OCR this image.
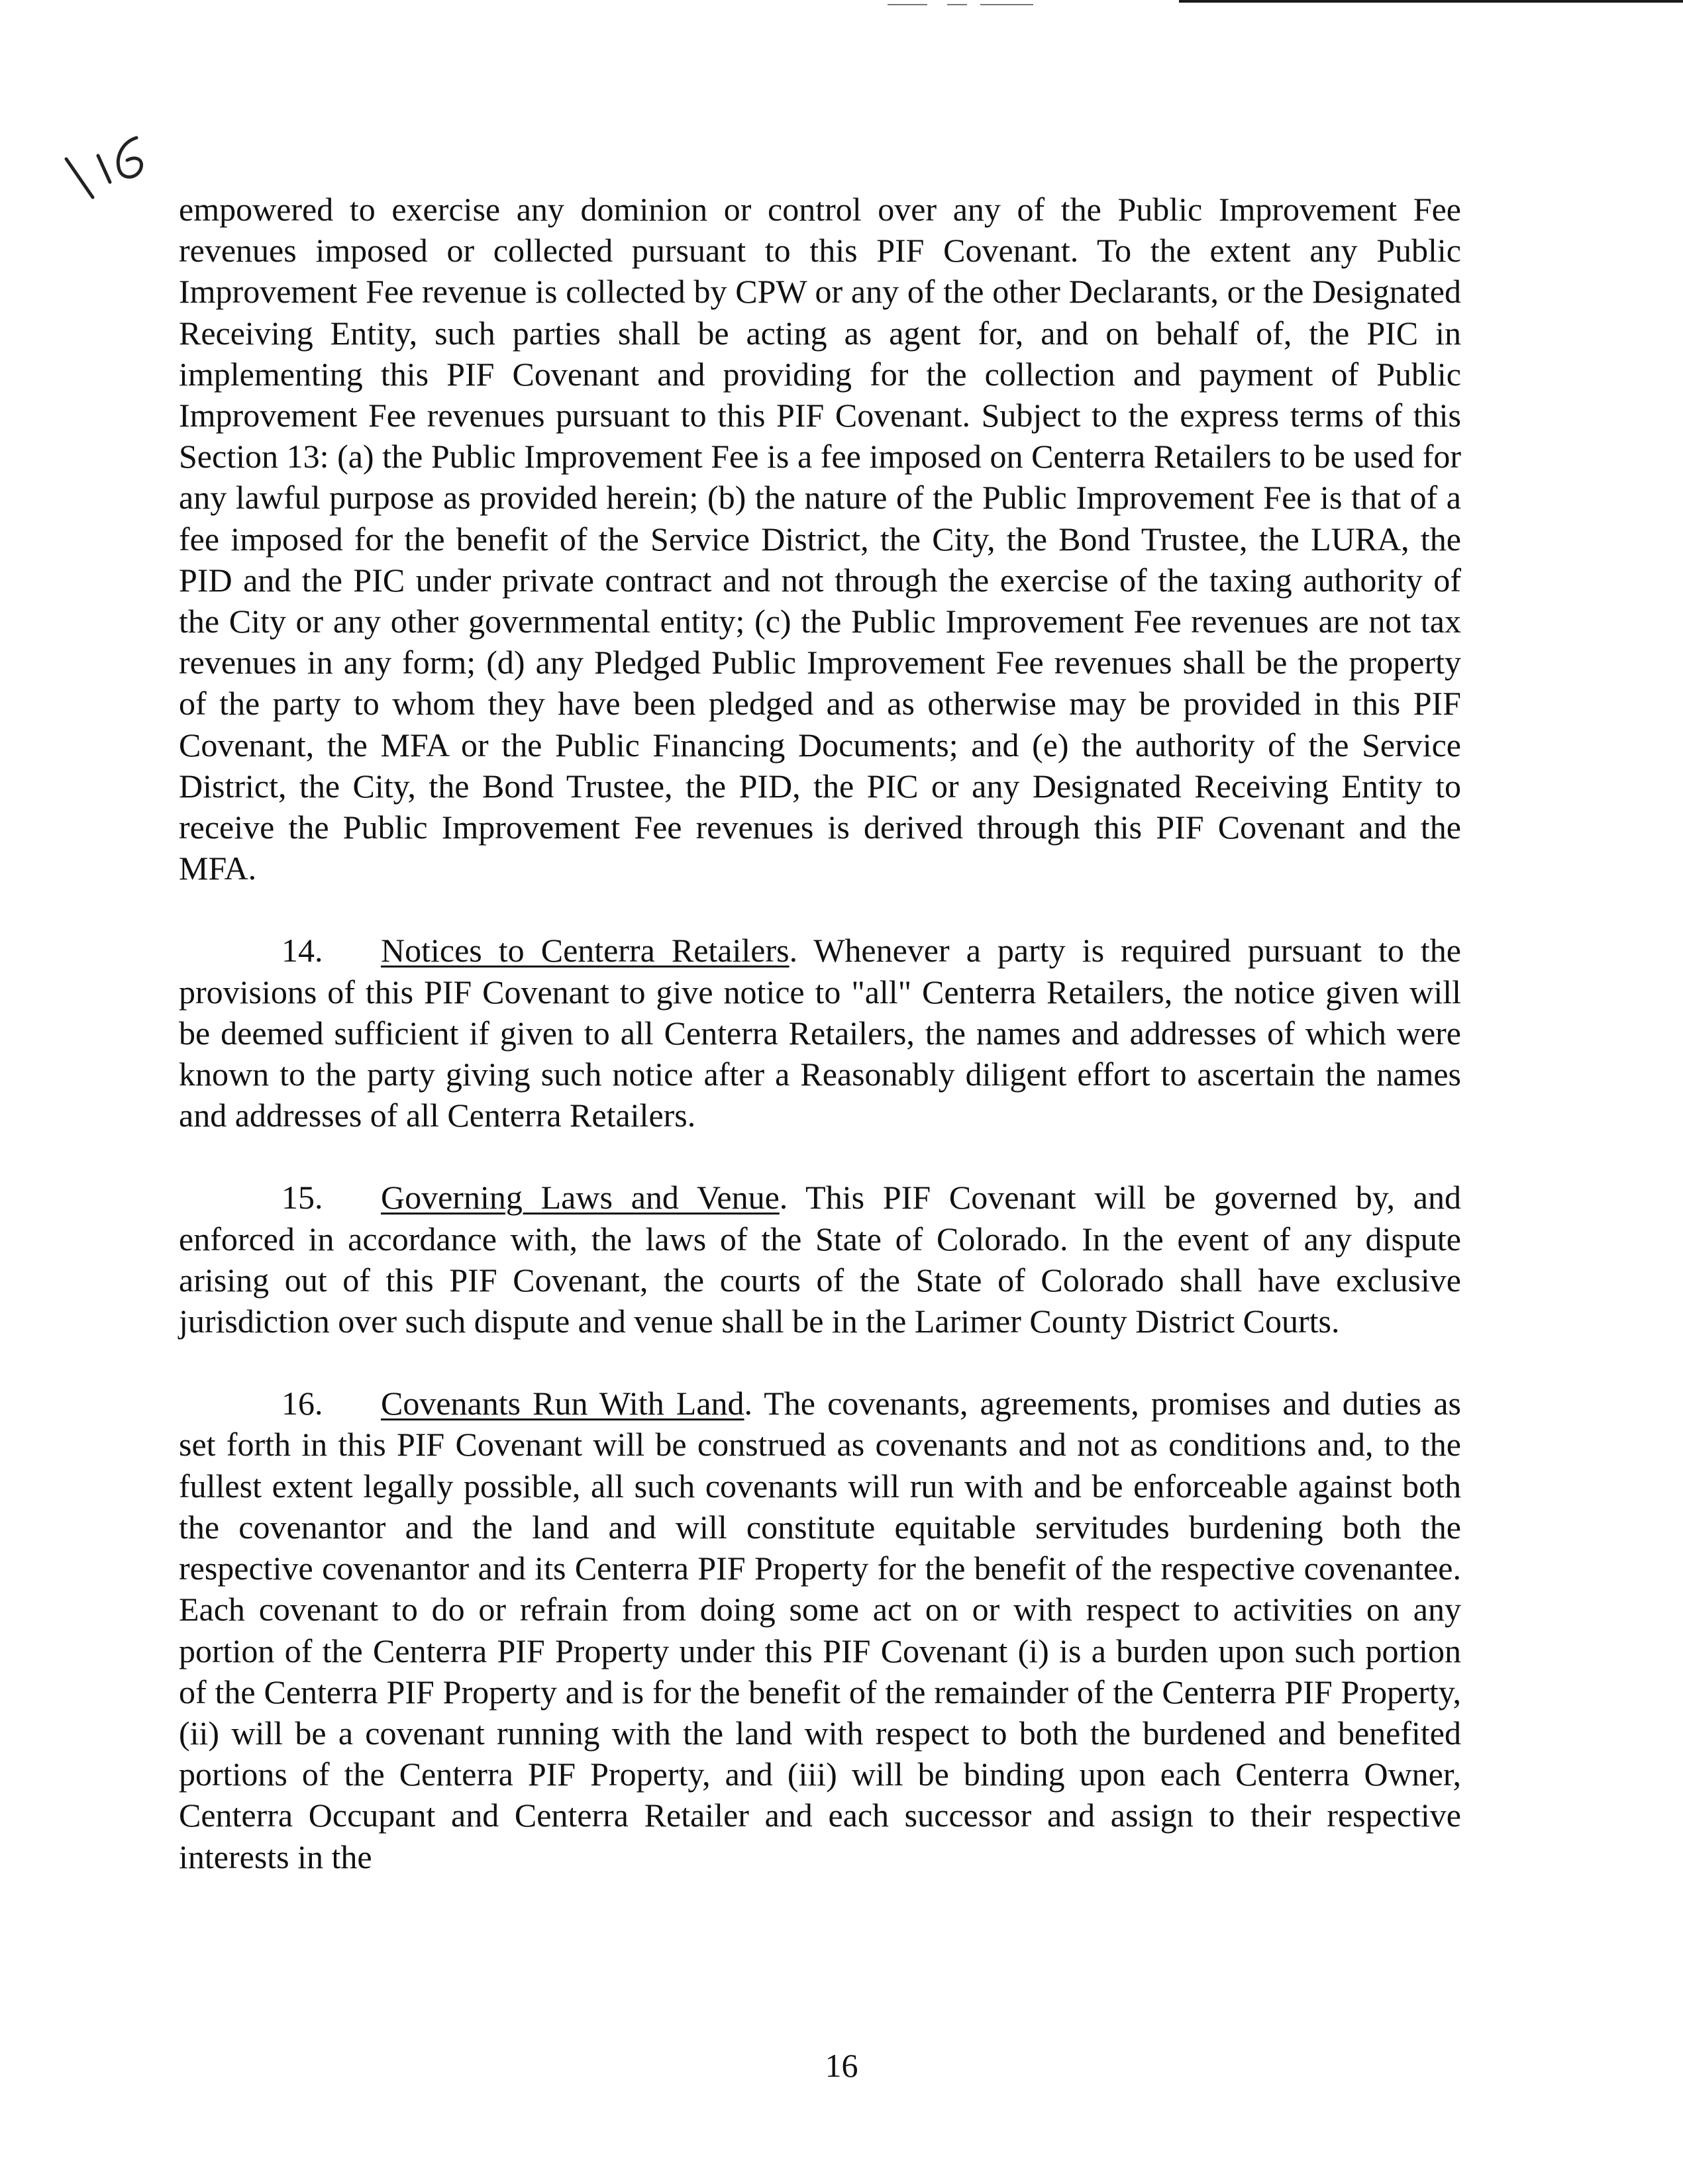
empowered to exercise any dominion or control over any of the Public Improvement Fee revenues imposed or collected pursuant to this PIF Covenant. To the extent any Public Improvement Fee revenue is collected by CPW or any of the other Declarants, or the Designated Receiving Entity, such parties shall be acting as agent for, and on behalf of, the PIC in implementing this PIF Covenant and providing for the collection and payment of Public Improvement Fee revenues pursuant to this PIF Covenant. Subject to the express terms of this Section 13: (a) the Public Improvement Fee is a fee imposed on Centerra Retailers to be used for any lawful purpose as provided herein; (b) the nature of the Public Improvement Fee is that of a fee imposed for the benefit of the Service District, the City, the Bond Trustee, the LURA, the PID and the PIC under private contract and not through the exercise of the taxing authority of the City or any other governmental entity; (c) the Public Improvement Fee revenues are not tax revenues in any form; (d) any Pledged Public Improvement Fee revenues shall be the property of the party to whom they have been pledged and as otherwise may be provided in this PIF Covenant, the MFA or the Public Financing Documents; and (e) the authority of the Service District, the City, the Bond Trustee, the PID, the PIC or any Designated Receiving Entity to receive the Public Improvement Fee revenues is derived through this PIF Covenant and the MFA.

14. Notices to Centerra Retailers. Whenever a party is required pursuant to the provisions of this PIF Covenant to give notice to "all" Centerra Retailers, the notice given will be deemed sufficient if given to all Centerra Retailers, the names and addresses of which were known to the party giving such notice after a Reasonably diligent effort to ascertain the names and addresses of all Centerra Retailers.

15. Governing Laws and Venue. This PIF Covenant will be governed by, and enforced in accordance with, the laws of the State of Colorado. In the event of any dispute arising out of this PIF Covenant, the courts of the State of Colorado shall have exclusive jurisdiction over such dispute and venue shall be in the Larimer County District Courts.

16. Covenants Run With Land. The covenants, agreements, promises and duties as set forth in this PIF Covenant will be construed as covenants and not as conditions and, to the fullest extent legally possible, all such covenants will run with and be enforceable against both the covenantor and the land and will constitute equitable servitudes burdening both the respective covenantor and its Centerra PIF Property for the benefit of the respective covenantee. Each covenant to do or refrain from doing some act on or with respect to activities on any portion of the Centerra PIF Property under this PIF Covenant (i) is a burden upon such portion of the Centerra PIF Property and is for the benefit of the remainder of the Centerra PIF Property, (ii) will be a covenant running with the land with respect to both the burdened and benefited portions of the Centerra PIF Property, and (iii) will be binding upon each Centerra Owner, Centerra Occupant and Centerra Retailer and each successor and assign to their respective interests in the

16
